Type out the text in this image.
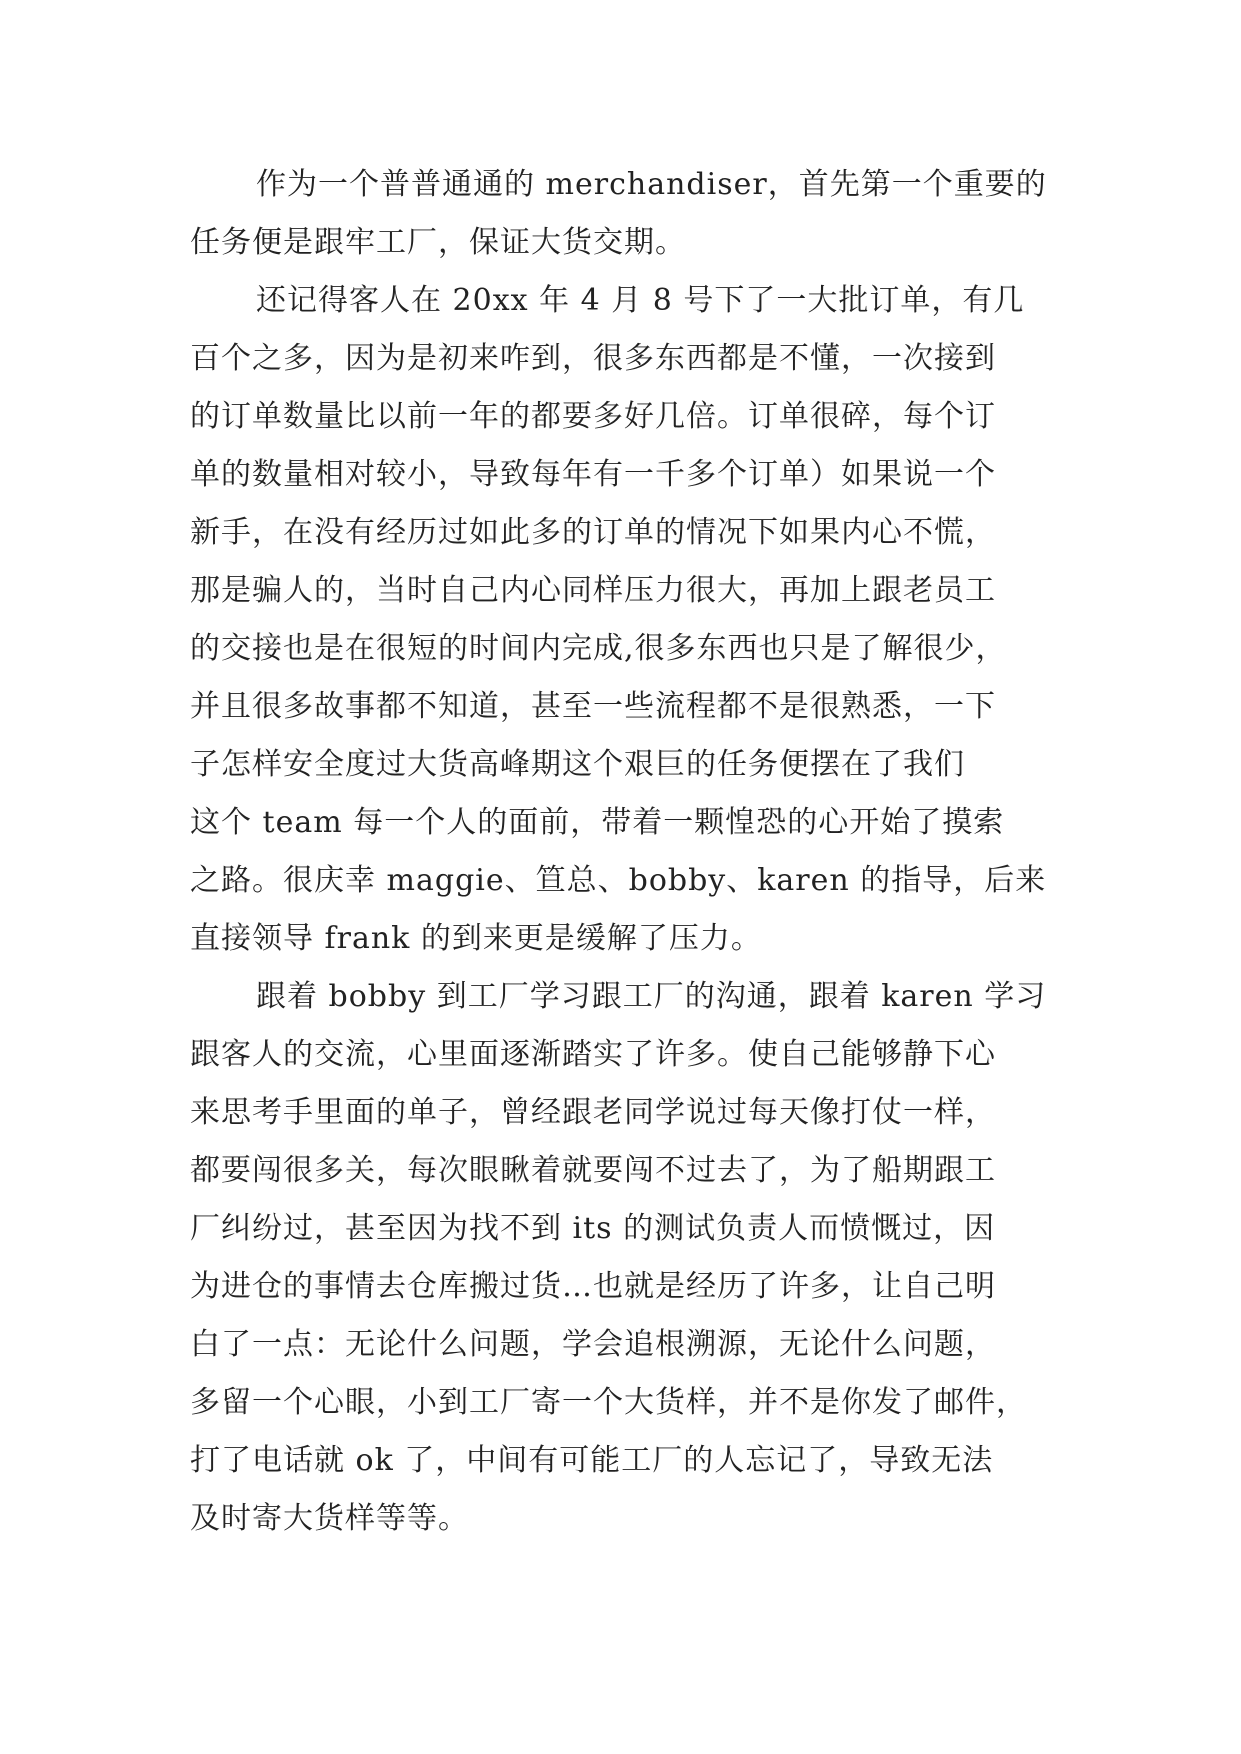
作为一个普普通通的 merchandiser，首先第一个重要的
任务便是跟牢工厂，保证大货交期。
还记得客人在 20xx 年 4 月 8 号下了一大批订单，有几
百个之多，因为是初来咋到，很多东西都是不懂，一次接到
的订单数量比以前一年的都要多好几倍。订单很碎，每个订
单的数量相对较小，导致每年有一千多个订单）如果说一个
新手，在没有经历过如此多的订单的情况下如果内心不慌，
那是骗人的，当时自己内心同样压力很大，再加上跟老员工
的交接也是在很短的时间内完成,很多东西也只是了解很少，
并且很多故事都不知道，甚至一些流程都不是很熟悉，一下
子怎样安全度过大货高峰期这个艰巨的任务便摆在了我们
这个 team 每一个人的面前，带着一颗惶恐的心开始了摸索
之路。很庆幸 maggie、笪总、bobby、karen 的指导，后来
直接领导 frank 的到来更是缓解了压力。
跟着 bobby 到工厂学习跟工厂的沟通，跟着 karen 学习
跟客人的交流，心里面逐渐踏实了许多。使自己能够静下心
来思考手里面的单子，曾经跟老同学说过每天像打仗一样，
都要闯很多关，每次眼瞅着就要闯不过去了，为了船期跟工
厂纠纷过，甚至因为找不到 its 的测试负责人而愤慨过，因
为进仓的事情去仓库搬过货…也就是经历了许多，让自己明
白了一点：无论什么问题，学会追根溯源，无论什么问题，
多留一个心眼，小到工厂寄一个大货样，并不是你发了邮件，
打了电话就 ok 了，中间有可能工厂的人忘记了，导致无法
及时寄大货样等等。
